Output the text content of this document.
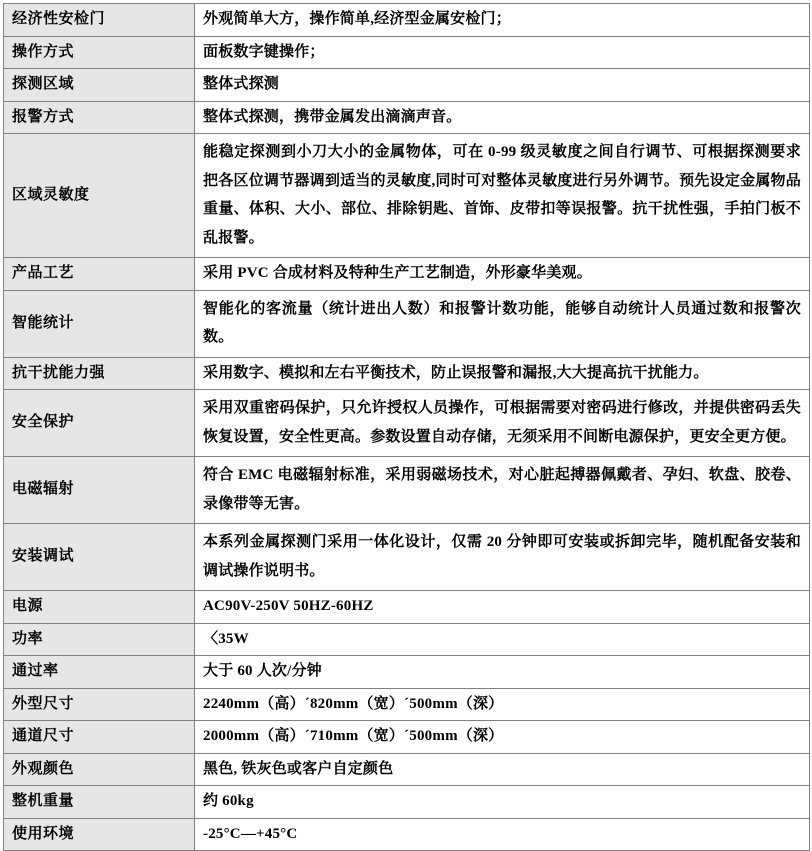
经济性安检门	外观简单大方，操作简单,经济型金属安检门；
操作方式	面板数字键操作；
探测区域	整体式探测
报警方式	整体式探测，携带金属发出滴滴声音。
区域灵敏度	能稳定探测到小刀大小的金属物体，可在 0-99 级灵敏度之间自行调节、可根据探测要求把各区位调节器调到适当的灵敏度,同时可对整体灵敏度进行另外调节。预先设定金属物品重量、体积、大小、部位、排除钥匙、首饰、皮带扣等误报警。抗干扰性强，手拍门板不乱报警。
产品工艺	采用 PVC 合成材料及特种生产工艺制造，外形豪华美观。
智能统计	智能化的客流量（统计进出人数）和报警计数功能，能够自动统计人员通过数和报警次数。
抗干扰能力强	采用数字、模拟和左右平衡技术，防止误报警和漏报,大大提高抗干扰能力。
安全保护	采用双重密码保护，只允许授权人员操作，可根据需要对密码进行修改，并提供密码丢失恢复设置，安全性更高。参数设置自动存储，无须采用不间断电源保护，更安全更方便。
电磁辐射	符合 EMC 电磁辐射标准，采用弱磁场技术，对心脏起搏器佩戴者、孕妇、软盘、胶卷、录像带等无害。
安装调试	本系列金属探测门采用一体化设计，仅需 20 分钟即可安装或拆卸完毕，随机配备安装和调试操作说明书。
电源	AC90V-250V 50HZ-60HZ
功率	〈35W
通过率	大于 60 人次/分钟
外型尺寸	2240mm（高）´820mm（宽）´500mm（深）
通道尺寸	2000mm（高）´710mm（宽）´500mm（深）
外观颜色	黑色, 铁灰色或客户自定颜色
整机重量	约 60kg
使用环境	-25°C—+45°C
